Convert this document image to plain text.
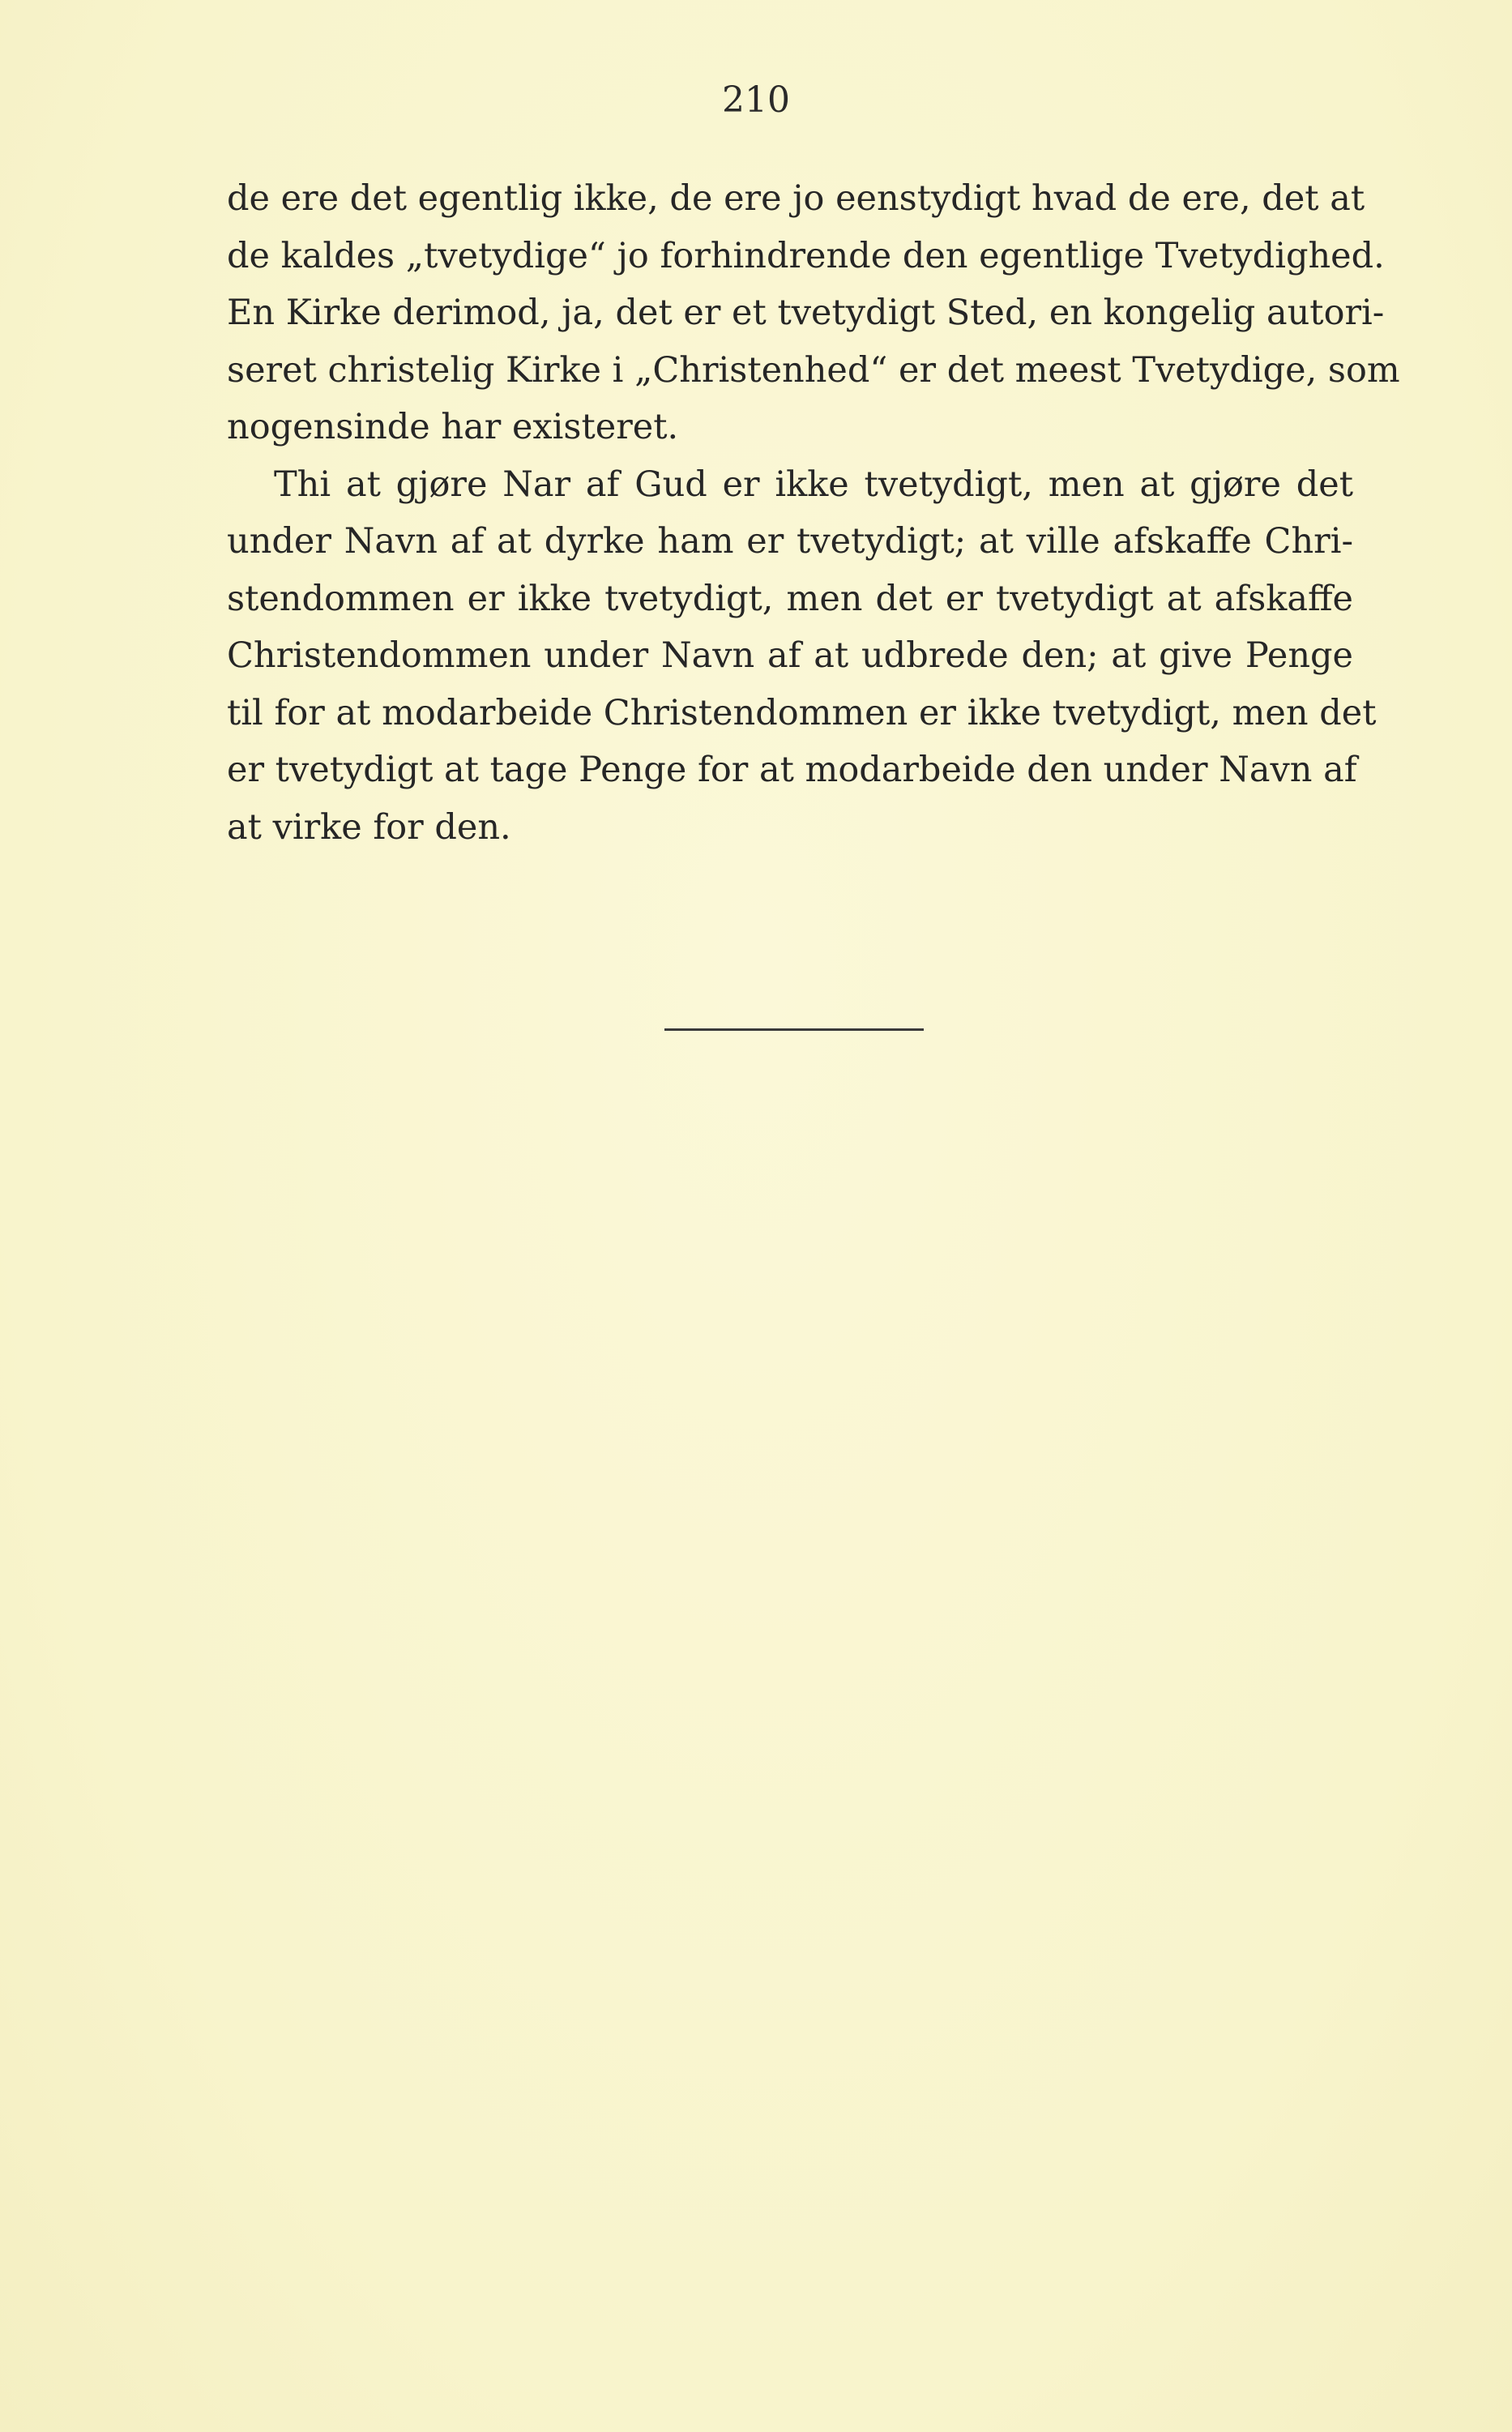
210
de ere det egentlig ikke, de ere jo eenstydigt hvad de ere, det at
de kaldes „tvetydige“ jo forhindrende den egentlige Tvetydighed.
En Kirke derimod, ja, det er et tvetydigt Sted, en kongelig autori-
seret christelig Kirke i „Christenhed“ er det meest Tvetydige, som
nogensinde har existeret.
Thi at gjøre Nar af Gud er ikke tvetydigt, men at gjøre det
under Navn af at dyrke ham er tvetydigt; at ville afskaffe Chri-
stendommen er ikke tvetydigt, men det er tvetydigt at afskaffe
Christendommen under Navn af at udbrede den; at give Penge
til for at modarbeide Christendommen er ikke tvetydigt, men det
er tvetydigt at tage Penge for at modarbeide den under Navn af
at virke for den.
